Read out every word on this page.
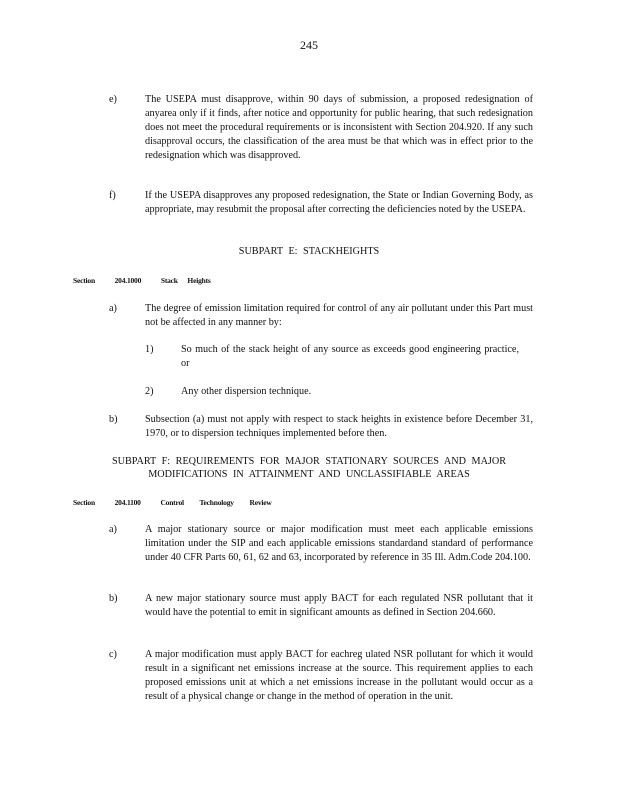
245
e)	The USEPA must disapprove, within 90 days of submission, a proposed redesignation of anyarea only if it finds, after notice and opportunity for public hearing, that such redesignation does not meet the procedural requirements or is inconsistent with Section 204.920. If any such disapproval occurs, the classification of the area must be that which was in effect prior to the redesignation which was disapproved.
f)	If the USEPA disapproves any proposed redesignation, the State or Indian Governing Body, as appropriate, may resubmit the proposal after correcting the deficiencies noted by the USEPA.
SUBPART E: STACKHEIGHTS
Section	204.1000	Stack Heights
a)	The degree of emission limitation required for control of any air pollutant under this Part must not be affected in any manner by:
1)	So much of the stack height of any source as exceeds good engineering practice, or
2)	Any other dispersion technique.
b)	Subsection (a) must not apply with respect to stack heights in existence before December 31, 1970, or to dispersion techniques implemented before then.
SUBPART F: REQUIREMENTS FOR MAJOR STATIONARY SOURCES AND MAJOR
MODIFICATIONS IN ATTAINMENT AND UNCLASSIFIABLE AREAS
Section	204.1100	Control Technology Review
a)	A major stationary source or major modification must meet each applicable emissions limitation under the SIP and each applicable emissions standardand standard of performance under 40 CFR Parts 60, 61, 62 and 63, incorporated by reference in 35 Ill. Adm.Code 204.100.
b)	A new major stationary source must apply BACT for each regulated NSR pollutant that it would have the potential to emit in significant amounts as defined in Section 204.660.
c)	A major modification must apply BACT for eachreg ulated NSR pollutant for which it would result in a significant net emissions increase at the source. This requirement applies to each proposed emissions unit at which a net emissions increase in the pollutant would occur as a result of a physical change or change in the method of operation in the unit.
